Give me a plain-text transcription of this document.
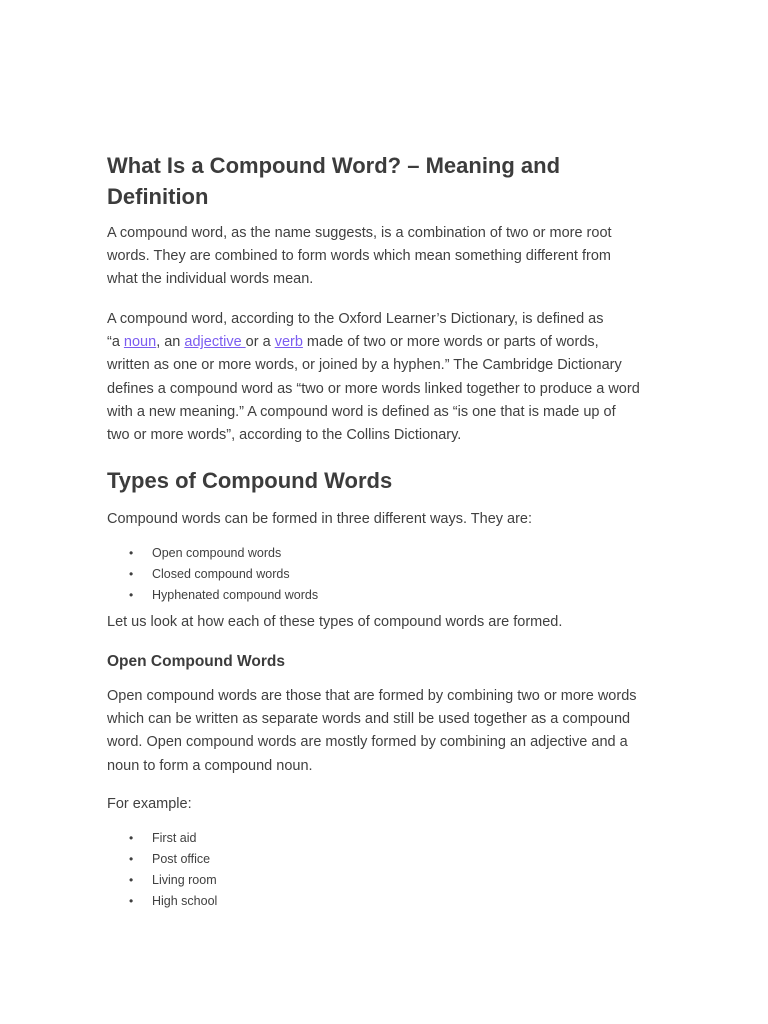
What Is a Compound Word? – Meaning and
Definition

A compound word, as the name suggests, is a combination of two or more root
words. They are combined to form words which mean something different from
what the individual words mean.

A compound word, according to the Oxford Learner’s Dictionary, is defined as
“a noun, an adjective or a verb made of two or more words or parts of words,
written as one or more words, or joined by a hyphen.” The Cambridge Dictionary
defines a compound word as “two or more words linked together to produce a word
with a new meaning.” A compound word is defined as “is one that is made up of
two or more words”, according to the Collins Dictionary.

Types of Compound Words

Compound words can be formed in three different ways. They are:

• Open compound words
• Closed compound words
• Hyphenated compound words

Let us look at how each of these types of compound words are formed.

Open Compound Words

Open compound words are those that are formed by combining two or more words
which can be written as separate words and still be used together as a compound
word. Open compound words are mostly formed by combining an adjective and a
noun to form a compound noun.

For example:

• First aid
• Post office
• Living room
• High school
